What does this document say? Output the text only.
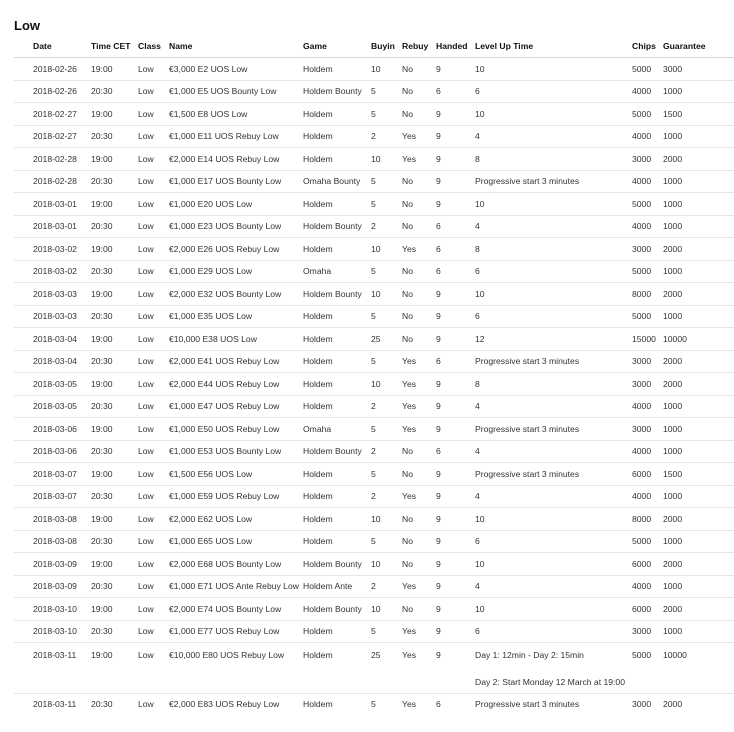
Low
Date	Time CET	Class	Name	Game	Buyin	Rebuy	Handed	Level Up Time	Chips	Guarantee
2018-02-26	19:00	Low	€3,000 E2 UOS Low	Holdem	10	No	9	10	5000	3000
2018-02-26	20:30	Low	€1,000 E5 UOS Bounty Low	Holdem Bounty	5	No	6	6	4000	1000
2018-02-27	19:00	Low	€1,500 E8 UOS Low	Holdem	5	No	9	10	5000	1500
2018-02-27	20:30	Low	€1,000 E11 UOS Rebuy Low	Holdem	2	Yes	9	4	4000	1000
2018-02-28	19:00	Low	€2,000 E14 UOS Rebuy Low	Holdem	10	Yes	9	8	3000	2000
2018-02-28	20:30	Low	€1,000 E17 UOS Bounty Low	Omaha Bounty	5	No	9	Progressive start 3 minutes	4000	1000
2018-03-01	19:00	Low	€1,000 E20 UOS Low	Holdem	5	No	9	10	5000	1000
2018-03-01	20:30	Low	€1,000 E23 UOS Bounty Low	Holdem Bounty	2	No	6	4	4000	1000
2018-03-02	19:00	Low	€2,000 E26 UOS Rebuy Low	Holdem	10	Yes	6	8	3000	2000
2018-03-02	20:30	Low	€1,000 E29 UOS Low	Omaha	5	No	6	6	5000	1000
2018-03-03	19:00	Low	€2,000 E32 UOS Bounty Low	Holdem Bounty	10	No	9	10	8000	2000
2018-03-03	20:30	Low	€1,000 E35 UOS Low	Holdem	5	No	9	6	5000	1000
2018-03-04	19:00	Low	€10,000 E38 UOS Low	Holdem	25	No	9	12	15000	10000
2018-03-04	20:30	Low	€2,000 E41 UOS Rebuy Low	Holdem	5	Yes	6	Progressive start 3 minutes	3000	2000
2018-03-05	19:00	Low	€2,000 E44 UOS Rebuy Low	Holdem	10	Yes	9	8	3000	2000
2018-03-05	20:30	Low	€1,000 E47 UOS Rebuy Low	Holdem	2	Yes	9	4	4000	1000
2018-03-06	19:00	Low	€1,000 E50 UOS Rebuy Low	Omaha	5	Yes	9	Progressive start 3 minutes	3000	1000
2018-03-06	20:30	Low	€1,000 E53 UOS Bounty Low	Holdem Bounty	2	No	6	4	4000	1000
2018-03-07	19:00	Low	€1,500 E56 UOS Low	Holdem	5	No	9	Progressive start 3 minutes	6000	1500
2018-03-07	20:30	Low	€1,000 E59 UOS Rebuy Low	Holdem	2	Yes	9	4	4000	1000
2018-03-08	19:00	Low	€2,000 E62 UOS Low	Holdem	10	No	9	10	8000	2000
2018-03-08	20:30	Low	€1,000 E65 UOS Low	Holdem	5	No	9	6	5000	1000
2018-03-09	19:00	Low	€2,000 E68 UOS Bounty Low	Holdem Bounty	10	No	9	10	6000	2000
2018-03-09	20:30	Low	€1,000 E71 UOS Ante Rebuy Low	Holdem Ante	2	Yes	9	4	4000	1000
2018-03-10	19:00	Low	€2,000 E74 UOS Bounty Low	Holdem Bounty	10	No	9	10	6000	2000
2018-03-10	20:30	Low	€1,000 E77 UOS Rebuy Low	Holdem	5	Yes	9	6	3000	1000
2018-03-11	19:00	Low	€10,000 E80 UOS Rebuy Low	Holdem	25	Yes	9	Day 1: 12min - Day 2: 15min	5000	10000
								Day 2: Start Monday 12 March at 19:00		
2018-03-11	20:30	Low	€2,000 E83 UOS Rebuy Low	Holdem	5	Yes	6	Progressive start 3 minutes	3000	2000
